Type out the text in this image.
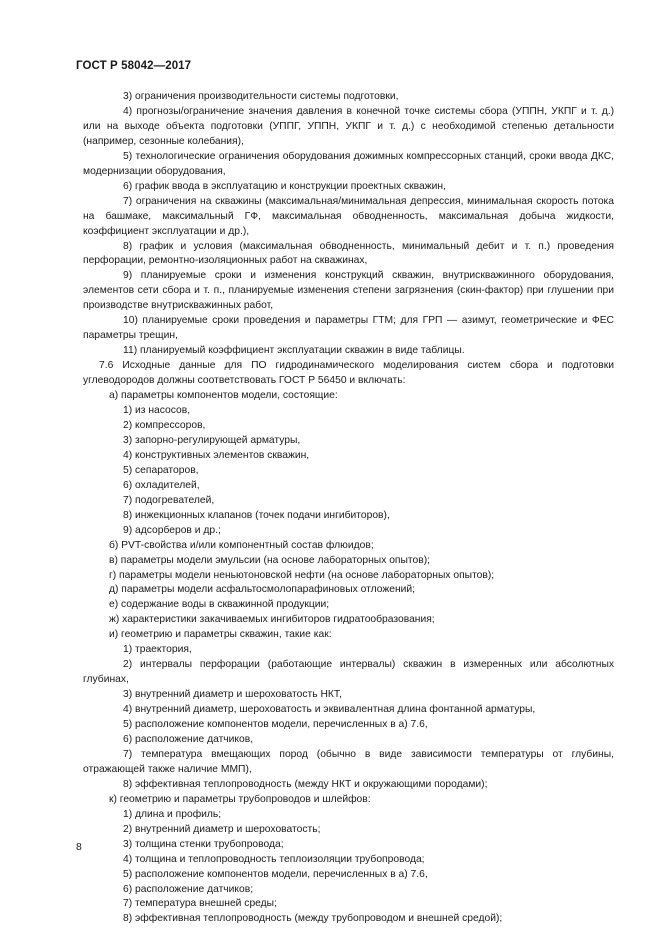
ГОСТ Р 58042—2017

3) ограничения производительности системы подготовки,

4) прогнозы/ограничение значения давления в конечной точке системы сбора (УППН, УКПГ и т. д.) или на выходе объекта подготовки (УППГ, УППН, УКПГ и т. д.) с необходимой степенью детальности (например, сезонные колебания),

5) технологические ограничения оборудования дожимных компрессорных станций, сроки ввода ДКС, модернизации оборудования,

6) график ввода в эксплуатацию и конструкции проектных скважин,

7) ограничения на скважины (максимальная/минимальная депрессия, минимальная скорость потока на башмаке, максимальный ГФ, максимальная обводненность, максимальная добыча жидкости, коэффициент эксплуатации и др.),

8) график и условия (максимальная обводненность, минимальный дебит и т. п.) проведения перфорации, ремонтно-изоляционных работ на скважинах,

9) планируемые сроки и изменения конструкций скважин, внутрискважинного оборудования, элементов сети сбора и т. п., планируемые изменения степени загрязнения (скин-фактор) при глушении при производстве внутрискважинных работ,

10) планируемые сроки проведения и параметры ГТМ; для ГРП — азимут, геометрические и ФЕС параметры трещин,

11) планируемый коэффициент эксплуатации скважин в виде таблицы.

7.6 Исходные данные для ПО гидродинамического моделирования систем сбора и подготовки углеводородов должны соответствовать ГОСТ Р 56450 и включать:

а) параметры компонентов модели, состоящие:

1) из насосов,

2) компрессоров,

3) запорно-регулирующей арматуры,

4) конструктивных элементов скважин,

5) сепараторов,

6) охладителей,

7) подогревателей,

8) инжекционных клапанов (точек подачи ингибиторов),

9) адсорберов и др.;

б) PVT-свойства и/или компонентный состав флюидов;

в) параметры модели эмульсии (на основе лабораторных опытов);

г) параметры модели неньютоновской нефти (на основе лабораторных опытов);

д) параметры модели асфальтосмолопарафиновых отложений;

е) содержание воды в скважинной продукции;

ж) характеристики закачиваемых ингибиторов гидратообразования;

и) геометрию и параметры скважин, такие как:

1) траектория,

2) интервалы перфорации (работающие интервалы) скважин в измеренных или абсолютных глубинах,

3) внутренний диаметр и шероховатость НКТ,

4) внутренний диаметр, шероховатость и эквивалентная длина фонтанной арматуры,

5) расположение компонентов модели, перечисленных в а) 7.6,

6) расположение датчиков,

7) температура вмещающих пород (обычно в виде зависимости температуры от глубины, отражающей также наличие ММП),

8) эффективная теплопроводность (между НКТ и окружающими породами);

к) геометрию и параметры трубопроводов и шлейфов:

1) длина и профиль;

2) внутренний диаметр и шероховатость;

3) толщина стенки трубопровода;

4) толщина и теплопроводность теплоизоляции трубопровода;

5) расположение компонентов модели, перечисленных в а) 7.6,

6) расположение датчиков;

7) температура внешней среды;

8) эффективная теплопроводность (между трубопроводом и внешней средой);

8
